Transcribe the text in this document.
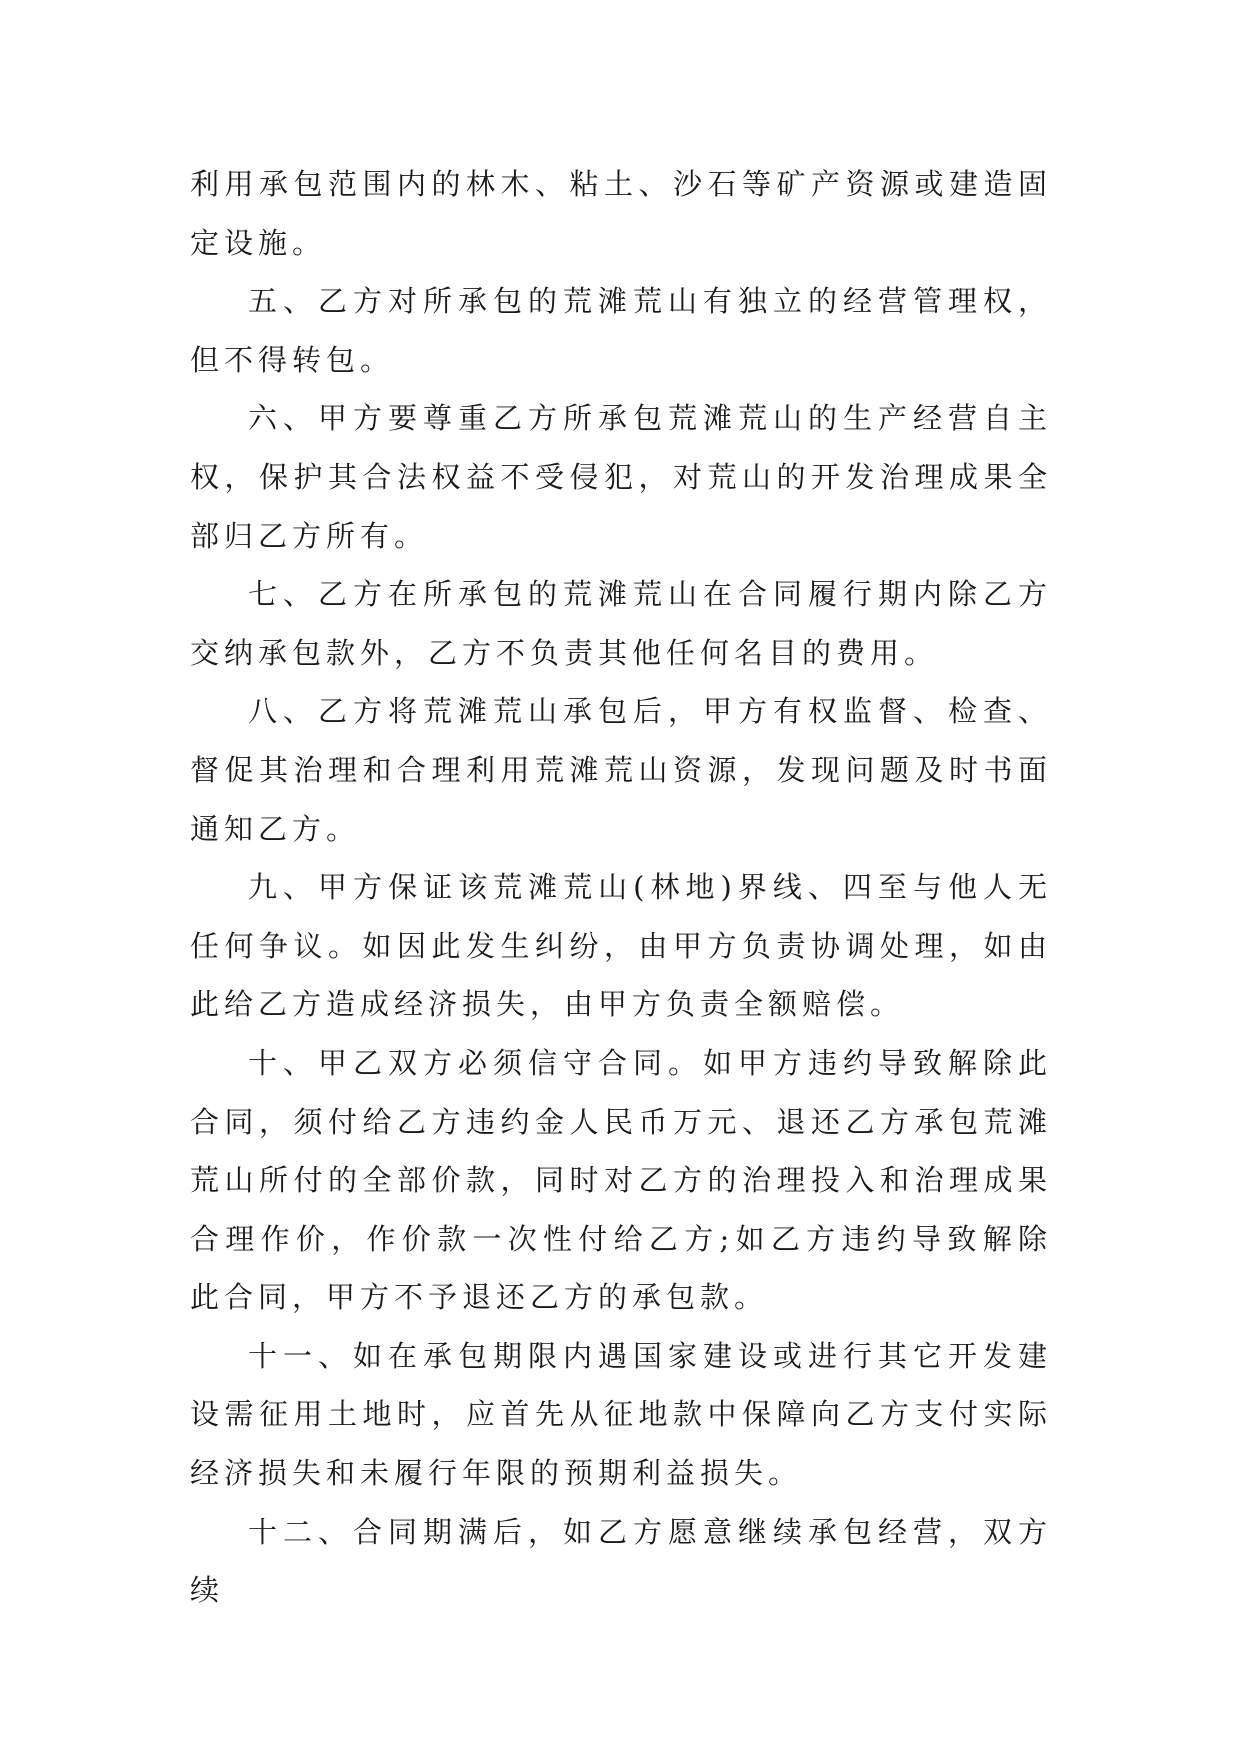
利用承包范围内的林木、粘土、沙石等矿产资源或建造固定设施。

五、乙方对所承包的荒滩荒山有独立的经营管理权，但不得转包。

六、甲方要尊重乙方所承包荒滩荒山的生产经营自主权，保护其合法权益不受侵犯，对荒山的开发治理成果全部归乙方所有。

七、乙方在所承包的荒滩荒山在合同履行期内除乙方交纳承包款外，乙方不负责其他任何名目的费用。

八、乙方将荒滩荒山承包后，甲方有权监督、检查、督促其治理和合理利用荒滩荒山资源，发现问题及时书面通知乙方。

九、甲方保证该荒滩荒山(林地)界线、四至与他人无任何争议。如因此发生纠纷，由甲方负责协调处理，如由此给乙方造成经济损失，由甲方负责全额赔偿。

十、甲乙双方必须信守合同。如甲方违约导致解除此合同，须付给乙方违约金人民币万元、退还乙方承包荒滩荒山所付的全部价款，同时对乙方的治理投入和治理成果合理作价，作价款一次性付给乙方;如乙方违约导致解除此合同，甲方不予退还乙方的承包款。

十一、如在承包期限内遇国家建设或进行其它开发建设需征用土地时，应首先从征地款中保障向乙方支付实际经济损失和未履行年限的预期利益损失。

十二、合同期满后，如乙方愿意继续承包经营，双方续
